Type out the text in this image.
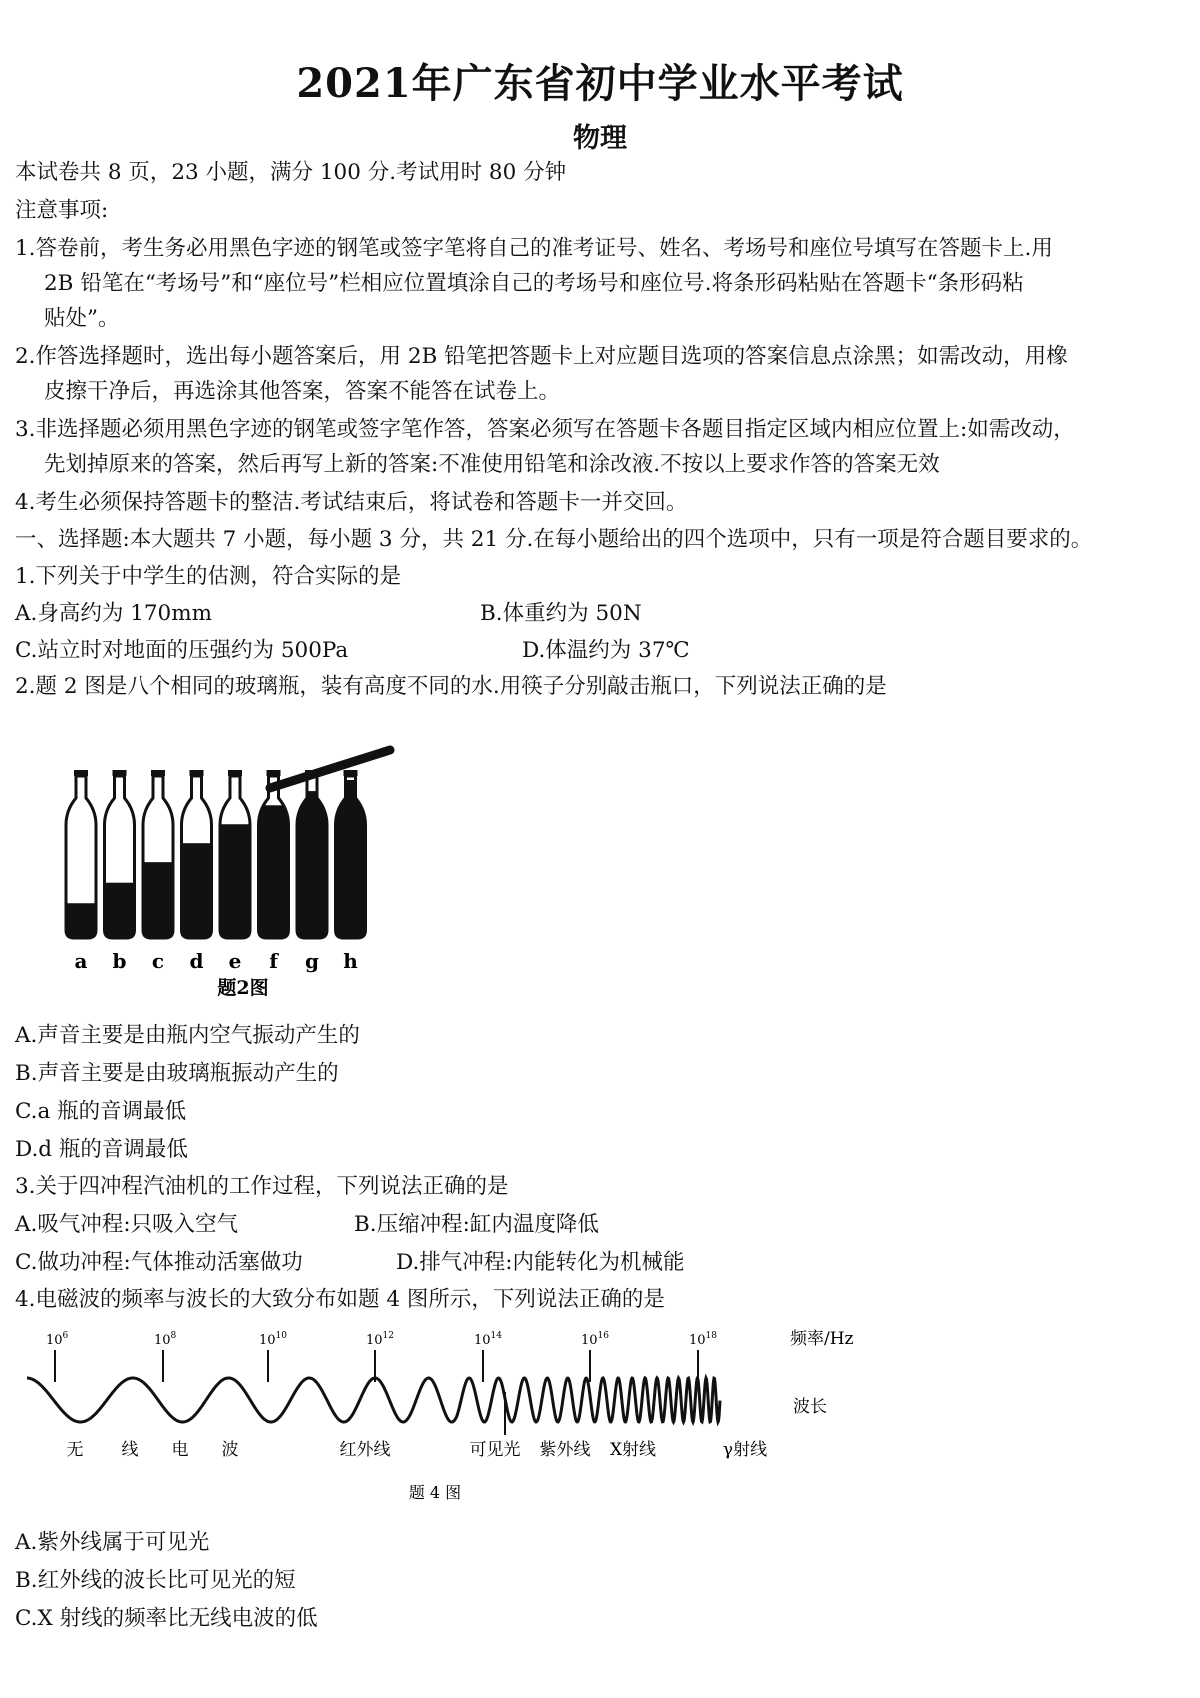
2021年广东省初中学业水平考试
物理
本试卷共 8 页，23 小题，满分 100 分.考试用时 80 分钟
注意事项:
1.答卷前，考生务必用黑色字迹的钢笔或签字笔将自己的准考证号、姓名、考场号和座位号填写在答题卡上.用
2B 铅笔在“考场号”和“座位号”栏相应位置填涂自己的考场号和座位号.将条形码粘贴在答题卡“条形码粘
贴处”。
2.作答选择题时，选出每小题答案后，用 2B 铅笔把答题卡上对应题目选项的答案信息点涂黑；如需改动，用橡
皮擦干净后，再选涂其他答案，答案不能答在试卷上。
3.非选择题必须用黑色字迹的钢笔或签字笔作答，答案必须写在答题卡各题目指定区域内相应位置上:如需改动，
先划掉原来的答案，然后再写上新的答案:不准使用铅笔和涂改液.不按以上要求作答的答案无效
4.考生必须保持答题卡的整洁.考试结束后，将试卷和答题卡一并交回。
一、选择题:本大题共 7 小题，每小题 3 分，共 21 分.在每小题给出的四个选项中，只有一项是符合题目要求的。
1.下列关于中学生的估测，符合实际的是
A.身高约为 170mm	B.体重约为 50N
C.站立时对地面的压强约为 500Pa	D.体温约为 37℃
2.题 2 图是八个相同的玻璃瓶，装有高度不同的水.用筷子分别敲击瓶口，下列说法正确的是
a b c d e f g h
题2图
A.声音主要是由瓶内空气振动产生的
B.声音主要是由玻璃瓶振动产生的
C.a 瓶的音调最低
D.d 瓶的音调最低
3.关于四冲程汽油机的工作过程，下列说法正确的是
A.吸气冲程:只吸入空气	B.压缩冲程:缸内温度降低
C.做功冲程:气体推动活塞做功	D.排气冲程:内能转化为机械能
4.电磁波的频率与波长的大致分布如题 4 图所示，下列说法正确的是
$10^6$	$10^8$	$10^{10}$	$10^{12}$	$10^{14}$	$10^{16}$	$10^{18}$	频率/Hz
波长
无 线 电 波	红外线	可见光 紫外线 X射线	γ射线
题 4 图
A.紫外线属于可见光
B.红外线的波长比可见光的短
C.X 射线的频率比无线电波的低
